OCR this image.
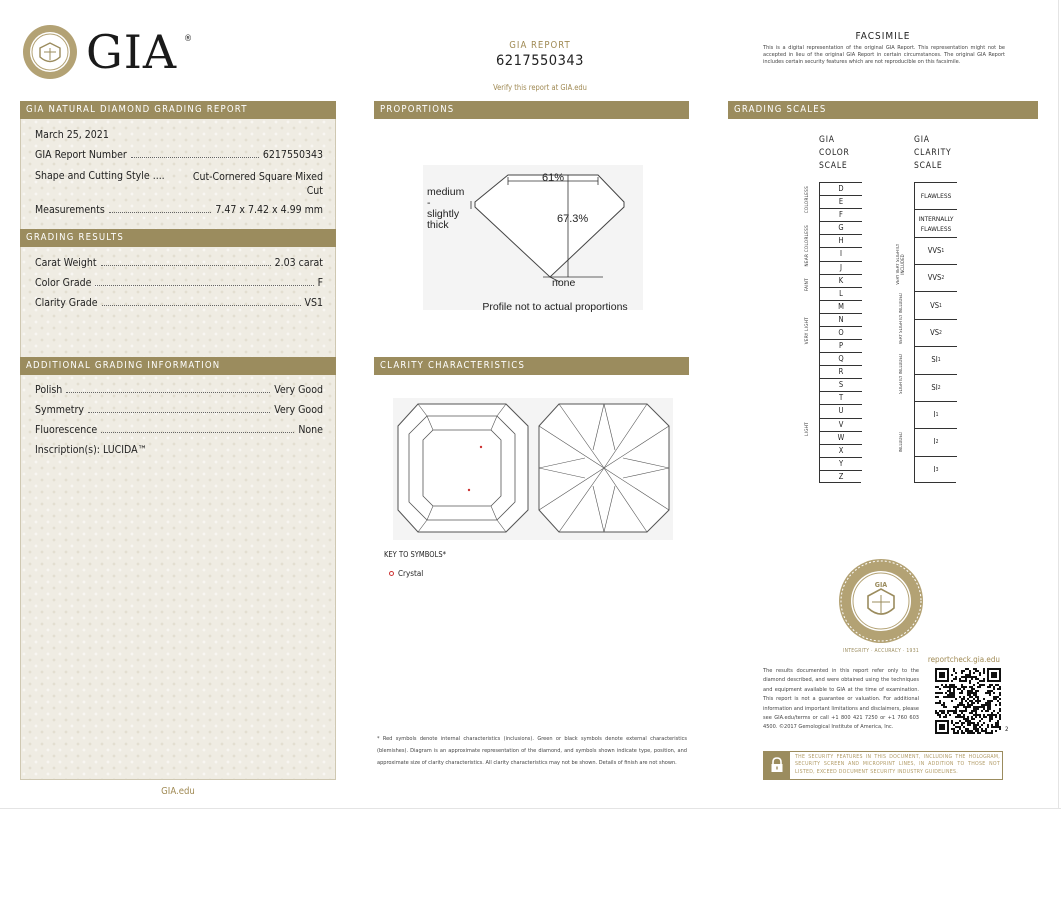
GIA ®
GIA REPORT
6217550343
Verify this report at GIA.edu
FACSIMILE
This is a digital representation of the original GIA Report. This representation might not be accepted in lieu of the original GIA Report in certain circumstances. The original GIA Report includes certain security features which are not reproducible on this facsimile.
GIA NATURAL DIAMOND GRADING REPORT
GRADING RESULTS
ADDITIONAL GRADING INFORMATION
March 25, 2021
GIA Report Number	6217550343
Shape and Cutting Style ....	Cut-Cornered Square Mixed
Cut
Measurements	7.47 x 7.42 x 4.99 mm
Carat Weight	2.03 carat
Color Grade	F
Clarity Grade	VS1
Polish	Very Good
Symmetry	Very Good
Fluorescence	None
Inscription(s): LUCIDA™
GIA.edu
PROPORTIONS
61%
67.3%
medium
-
slightly
thick
none
Profile not to actual proportions
CLARITY CHARACTERISTICS
KEY TO SYMBOLS*
Crystal
* Red symbols denote internal characteristics (inclusions). Green or black symbols denote external characteristics (blemishes). Diagram is an approximate representation of the diamond, and symbols shown indicate type, position, and approximate size of clarity characteristics. All clarity characteristics may not be shown. Details of finish are not shown.
GRADING SCALES
GIA
COLOR
SCALE
GIA
CLARITY
SCALE
D
E
F
G
H
I
J
K
L
M
N
O
P
Q
R
S
T
U
V
W
X
Y
Z
FLAWLESS
INTERNALLY FLAWLESS
VVS 1
VVS 2
VS 1
VS 2
SI 1
SI 2
I 1
I 2
I 3
COLORLESS
NEAR COLORLESS
FAINT
VERY LIGHT
LIGHT
VERY VERY SLIGHTLY INCLUDED
VERY SLIGHTLY INCLUDED
SLIGHTLY INCLUDED
INCLUDED
GIA
INTEGRITY · ACCURACY · 1931
reportcheck.gia.edu
The results documented in this report refer only to the diamond described, and were obtained using the techniques and equipment available to GIA at the time of examination. This report is not a guarantee or valuation. For additional information and important limitations and disclaimers, please see GIA.edu/terms or call +1 800 421 7250 or +1 760 603 4500. ©2017 Gemological Institute of America, Inc.	2
THE SECURITY FEATURES IN THIS DOCUMENT, INCLUDING THE HOLOGRAM, SECURITY SCREEN AND MICROPRINT LINES, IN ADDITION TO THOSE NOT LISTED, EXCEED DOCUMENT SECURITY INDUSTRY GUIDELINES.
